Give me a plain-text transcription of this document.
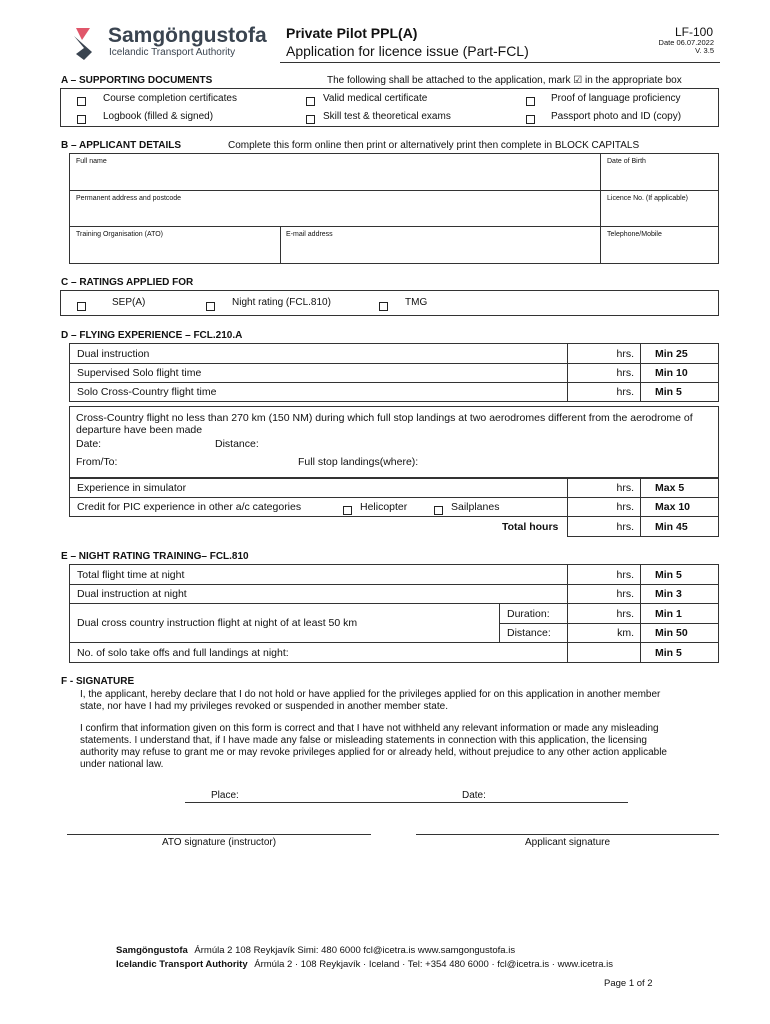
Samgöngustofa
Icelandic Transport Authority
Private Pilot PPL(A)
Application for licence issue (Part-FCL)
LF-100
Date 06.07.2022
V. 3.5
A – SUPPORTING DOCUMENTS	The following shall be attached to the application, mark ☑ in the appropriate box
Course completion certificates	Valid medical certificate	Proof of language proficiency
Logbook (filled & signed)	Skill test & theoretical exams	Passport photo and ID (copy)
B – APPLICANT DETAILS	Complete this form online then print or alternatively print then complete in BLOCK CAPITALS
Full name	Date of Birth
Permanent address and postcode	Licence No. (If applicable)
Training Organisation (ATO)	E-mail address	Telephone/Mobile
C – RATINGS APPLIED FOR
SEP(A)	Night rating (FCL.810)	TMG
D – FLYING EXPERIENCE – FCL.210.A
Dual instruction	hrs. Min 25
Supervised Solo flight time	hrs. Min 10
Solo Cross-Country flight time	hrs. Min 5
Cross-Country flight no less than 270 km (150 NM) during which full stop landings at two aerodromes different from the aerodrome of departure have been made
Date:	Distance:
From/To:	Full stop landings(where):
Experience in simulator	hrs. Max 5
Credit for PIC experience in other a/c categories	Helicopter	Sailplanes	hrs. Max 10
Total hours	hrs. Min 45
E – NIGHT RATING TRAINING– FCL.810
Total flight time at night	hrs. Min 5
Dual instruction at night	hrs. Min 3
Dual cross country instruction flight at night of at least 50 km
Duration:	hrs. Min 1
Distance:	km. Min 50
No. of solo take offs and full landings at night:	Min 5
F - SIGNATURE
I, the applicant, hereby declare that I do not hold or have applied for the privileges applied for on this application in another member state, nor have I had my privileges revoked or suspended in another member state.
I confirm that information given on this form is correct and that I have not withheld any relevant information or made any misleading statements. I understand that, if I have made any false or misleading statements in connection with this application, the licensing authority may refuse to grant me or may revoke privileges applied for or already held, without prejudice to any other action applicable under national law.
Place:	Date:
ATO signature (instructor)	Applicant signature
Samgöngustofa Ármúla 2 108 Reykjavík Simi: 480 6000 fcl@icetra.is www.samgongustofa.is
Icelandic Transport Authority Ármúla 2 · 108 Reykjavík · Iceland · Tel: +354 480 6000 · fcl@icetra.is · www.icetra.is
Page 1 of 2
